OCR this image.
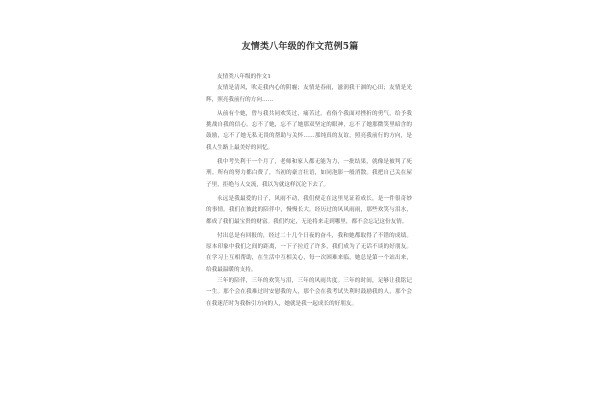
友情类八年级的作文范例5篇

友情类八年级的作文1

友情是清风，吹走我内心的阴霾；友情是春雨，滋润我干涸的心田；友情是光辉，照亮我前行的方向……

从前有个她，曾与我共同欢笑过，痛苦过。看俗个我面对挫折的勇气，给予我挑战自我的信心。忘不了她，忘不了她那双坚定的眼神，忘不了她那微笑里暗含的鼓励，忘不了她无私无畏的帮助与关怀……那纯真的友谊，照亮我前行的方向，是我人生路上最美好的回忆。

我中考失利于一个月了，老师和家人都无能为力，一批结果，就像是被判了死刑。所有的努力都白费了，当初的豪言壮语，如同泡影一般消散。我把自己关在屋子里，拒绝与人交流，我以为就这样沉沦下去了。

永远是我最爱的日子，风雨不动，我们便走在这里见证着成长，是一件很奇妙的事情。我们在彼此的陪伴中，慢慢长大。经历过的风风雨雨，那些欢笑与泪水，都成了我们最宝贵的财富。我们约定，无论将来走到哪里，都不会忘记这份友情。

付出总是有回报的，经过二十几个日夜的奋斗，我和她都取得了不错的成绩。原本印象中我们之间的距离，一下子拉近了许多，我们成为了无话不谈的好朋友。在学习上互相帮助，在生活中互相关心，每一次困难来临，她总是第一个站出来，给我最温暖的支持。

三年的陪伴，三年的欢笑与泪，三年的风雨共度。三年的时间，足够让我铭记一生。那个会在我难过时安慰我的人，那个会在我考试失利时鼓励我的人，那个会在我迷茫时为我指引方向的人，她就是我一起成长的好朋友。
